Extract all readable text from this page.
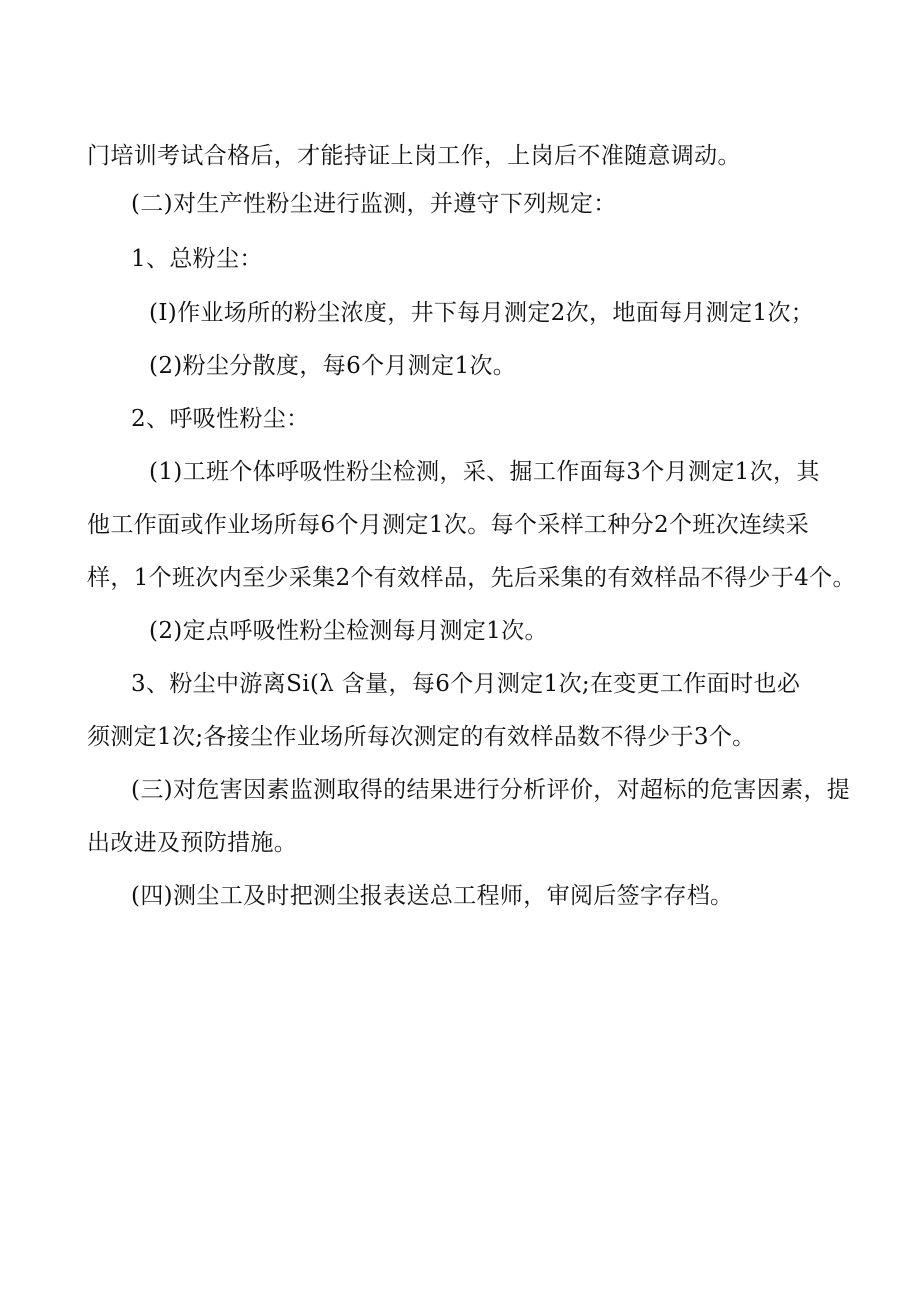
门培训考试合格后，才能持证上岗工作，上岗后不准随意调动。

(二)对生产性粉尘进行监测，并遵守下列规定：

1、总粉尘：

(I)作业场所的粉尘浓度，井下每月测定2次，地面每月测定1次；

(2)粉尘分散度，每6个月测定1次。

2、呼吸性粉尘：

(1)工班个体呼吸性粉尘检测，采、掘工作面每3个月测定1次，其

他工作面或作业场所每6个月测定1次。每个采样工种分2个班次连续采

样，1个班次内至少采集2个有效样品，先后采集的有效样品不得少于4个。

(2)定点呼吸性粉尘检测每月测定1次。

3、粉尘中游离Si(λ 含量，每6个月测定1次;在变更工作面时也必

须测定1次;各接尘作业场所每次测定的有效样品数不得少于3个。

(三)对危害因素监测取得的结果进行分析评价，对超标的危害因素，提

出改进及预防措施。

(四)测尘工及时把测尘报表送总工程师，审阅后签字存档。
